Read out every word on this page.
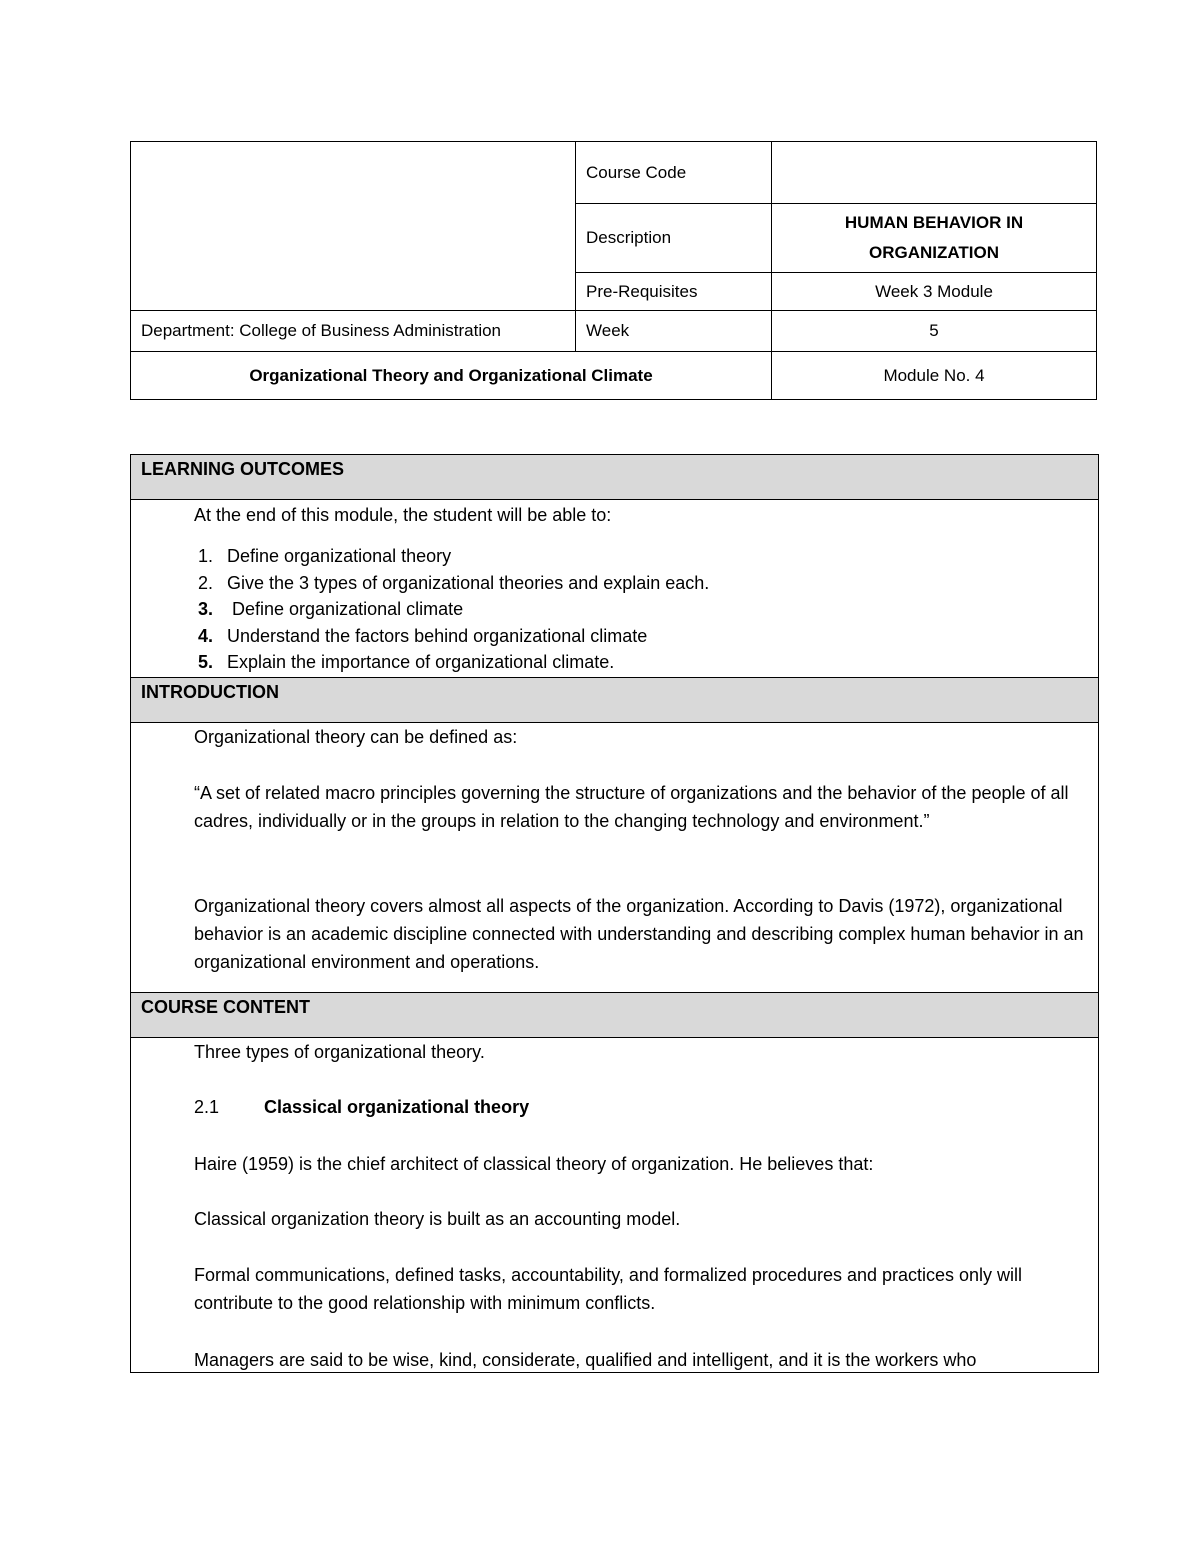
	Course Code	
	Description	HUMAN BEHAVIOR IN ORGANIZATION
	Pre-Requisites	Week 3 Module
Department: College of Business Administration	Week	5
Organizational Theory and Organizational Climate		Module No. 4
LEARNING OUTCOMES

At the end of this module, the student will be able to:

1. Define organizational theory
2. Give the 3 types of organizational theories and explain each.
3. Define organizational climate
4. Understand the factors behind organizational climate
5. Explain the importance of organizational climate.
INTRODUCTION

Organizational theory can be defined as:

“A set of related macro principles governing the structure of organizations and the behavior of the people of all cadres, individually or in the groups in relation to the changing technology and environment.”

Organizational theory covers almost all aspects of the organization. According to Davis (1972), organizational behavior is an academic discipline connected with understanding and describing complex human behavior in an organizational environment and operations.

COURSE CONTENT

Three types of organizational theory.

2.1 Classical organizational theory

Haire (1959) is the chief architect of classical theory of organization. He believes that:

Classical organization theory is built as an accounting model.

Formal communications, defined tasks, accountability, and formalized procedures and practices only will contribute to the good relationship with minimum conflicts.

Managers are said to be wise, kind, considerate, qualified and intelligent, and it is the workers who
